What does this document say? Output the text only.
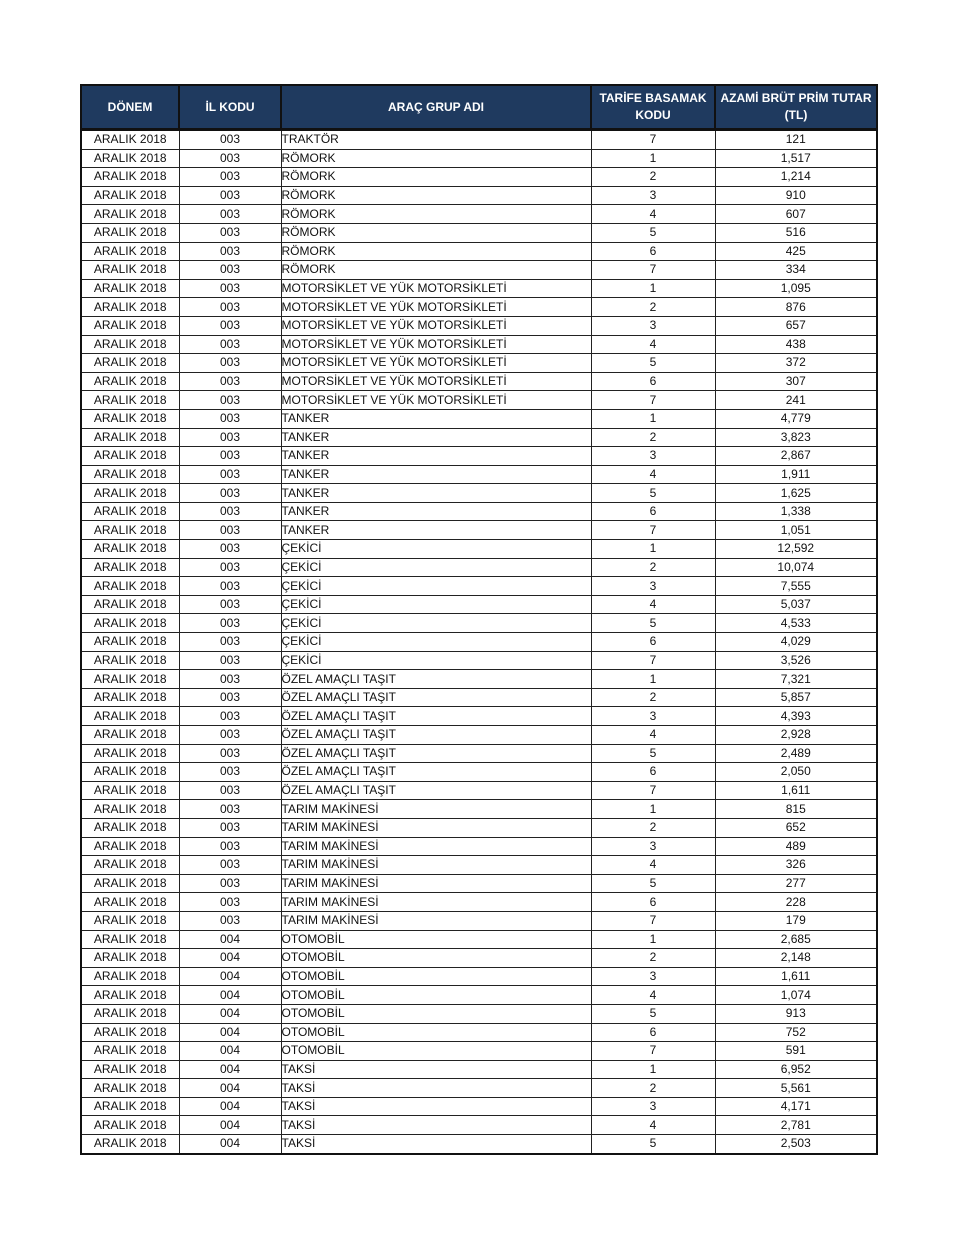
DÖNEM	İL KODU	ARAÇ GRUP ADI	TARİFE BASAMAK KODU	AZAMİ BRÜT PRİM TUTAR (TL)
ARALIK 2018	003	TRAKTÖR	7	121
ARALIK 2018	003	RÖMORK	1	1,517
ARALIK 2018	003	RÖMORK	2	1,214
ARALIK 2018	003	RÖMORK	3	910
ARALIK 2018	003	RÖMORK	4	607
ARALIK 2018	003	RÖMORK	5	516
ARALIK 2018	003	RÖMORK	6	425
ARALIK 2018	003	RÖMORK	7	334
ARALIK 2018	003	MOTORSİKLET VE YÜK MOTORSİKLETİ	1	1,095
ARALIK 2018	003	MOTORSİKLET VE YÜK MOTORSİKLETİ	2	876
ARALIK 2018	003	MOTORSİKLET VE YÜK MOTORSİKLETİ	3	657
ARALIK 2018	003	MOTORSİKLET VE YÜK MOTORSİKLETİ	4	438
ARALIK 2018	003	MOTORSİKLET VE YÜK MOTORSİKLETİ	5	372
ARALIK 2018	003	MOTORSİKLET VE YÜK MOTORSİKLETİ	6	307
ARALIK 2018	003	MOTORSİKLET VE YÜK MOTORSİKLETİ	7	241
ARALIK 2018	003	TANKER	1	4,779
ARALIK 2018	003	TANKER	2	3,823
ARALIK 2018	003	TANKER	3	2,867
ARALIK 2018	003	TANKER	4	1,911
ARALIK 2018	003	TANKER	5	1,625
ARALIK 2018	003	TANKER	6	1,338
ARALIK 2018	003	TANKER	7	1,051
ARALIK 2018	003	ÇEKİCİ	1	12,592
ARALIK 2018	003	ÇEKİCİ	2	10,074
ARALIK 2018	003	ÇEKİCİ	3	7,555
ARALIK 2018	003	ÇEKİCİ	4	5,037
ARALIK 2018	003	ÇEKİCİ	5	4,533
ARALIK 2018	003	ÇEKİCİ	6	4,029
ARALIK 2018	003	ÇEKİCİ	7	3,526
ARALIK 2018	003	ÖZEL AMAÇLI TAŞIT	1	7,321
ARALIK 2018	003	ÖZEL AMAÇLI TAŞIT	2	5,857
ARALIK 2018	003	ÖZEL AMAÇLI TAŞIT	3	4,393
ARALIK 2018	003	ÖZEL AMAÇLI TAŞIT	4	2,928
ARALIK 2018	003	ÖZEL AMAÇLI TAŞIT	5	2,489
ARALIK 2018	003	ÖZEL AMAÇLI TAŞIT	6	2,050
ARALIK 2018	003	ÖZEL AMAÇLI TAŞIT	7	1,611
ARALIK 2018	003	TARIM MAKİNESİ	1	815
ARALIK 2018	003	TARIM MAKİNESİ	2	652
ARALIK 2018	003	TARIM MAKİNESİ	3	489
ARALIK 2018	003	TARIM MAKİNESİ	4	326
ARALIK 2018	003	TARIM MAKİNESİ	5	277
ARALIK 2018	003	TARIM MAKİNESİ	6	228
ARALIK 2018	003	TARIM MAKİNESİ	7	179
ARALIK 2018	004	OTOMOBİL	1	2,685
ARALIK 2018	004	OTOMOBİL	2	2,148
ARALIK 2018	004	OTOMOBİL	3	1,611
ARALIK 2018	004	OTOMOBİL	4	1,074
ARALIK 2018	004	OTOMOBİL	5	913
ARALIK 2018	004	OTOMOBİL	6	752
ARALIK 2018	004	OTOMOBİL	7	591
ARALIK 2018	004	TAKSİ	1	6,952
ARALIK 2018	004	TAKSİ	2	5,561
ARALIK 2018	004	TAKSİ	3	4,171
ARALIK 2018	004	TAKSİ	4	2,781
ARALIK 2018	004	TAKSİ	5	2,503
